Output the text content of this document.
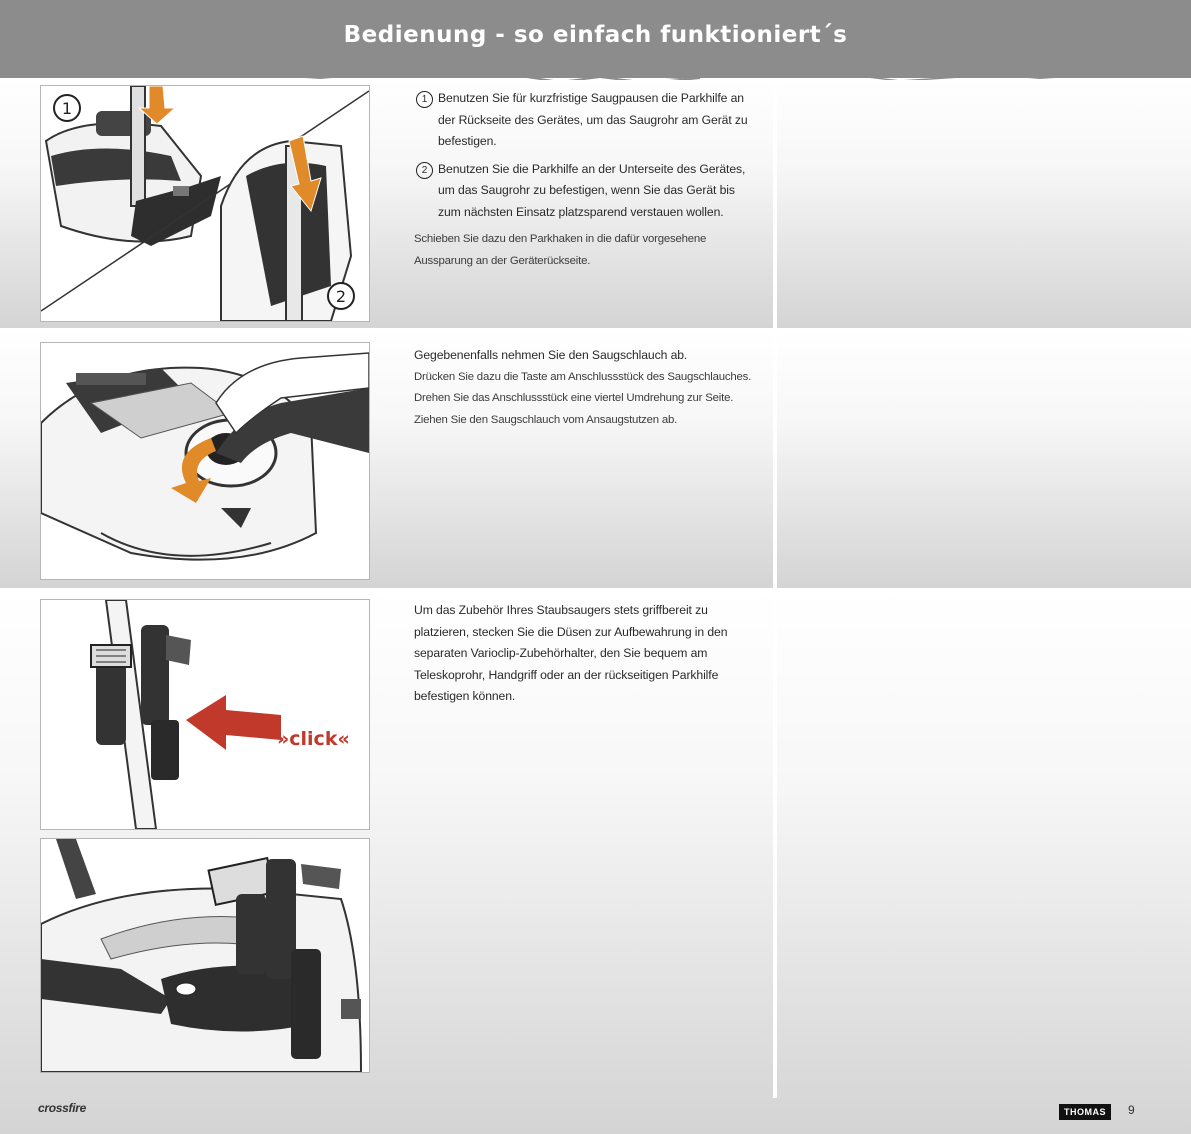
Bedienung - so einfach funktioniert´s
1
2
1 Benutzen Sie für kurzfristige Saugpausen die Parkhilfe an der Rückseite des Gerätes, um das Saugrohr am Gerät zu befestigen.
2 Benutzen Sie die Parkhilfe an der Unterseite des Gerätes, um das Saugrohr zu befestigen, wenn Sie das Gerät bis zum nächsten Einsatz platzsparend verstauen wollen.

Schieben Sie dazu den Parkhaken in die dafür vorgesehene Aussparung an der Geräterückseite.

Gegebenenfalls nehmen Sie den Saugschlauch ab.

Drücken Sie dazu die Taste am Anschlussstück des Saugschlauches. Drehen Sie das Anschlussstück eine viertel Umdrehung zur Seite. Ziehen Sie den Saugschlauch vom Ansaugstutzen ab.

»click«

Um das Zubehör Ihres Staubsaugers stets griffbereit zu platzieren, stecken Sie die Düsen zur Aufbewahrung in den separaten Varioclip-Zubehörhalter, den Sie bequem am Teleskoprohr, Handgriff oder an der rückseitigen Parkhilfe befestigen können.

crossfire	THOMAS	9
